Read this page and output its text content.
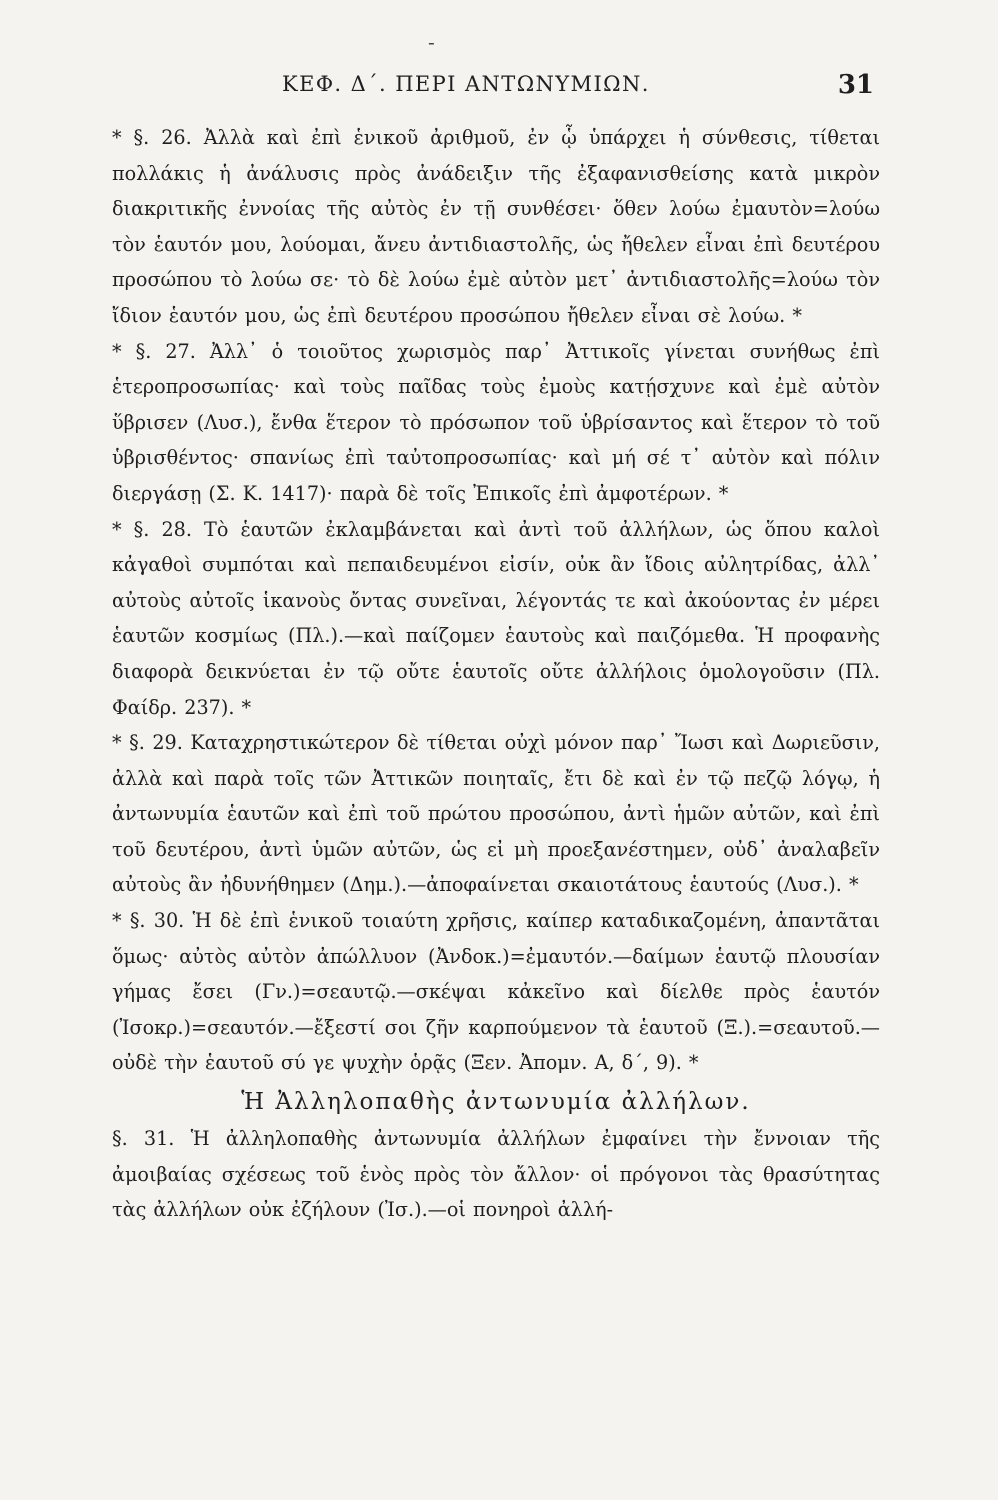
-
ΚΕΦ. Δ΄. ΠΕΡΙ ΑΝΤΩΝΥΜΙΩΝ.	31

* §. 26. Ἀλλὰ καὶ ἐπὶ ἑνικοῦ ἀριθμοῦ, ἐν ᾧ ὑπάρχει ἡ σύνθεσις, τίθεται πολλάκις ἡ ἀνάλυσις πρὸς ἀνάδειξιν τῆς ἐξαφανισθείσης κατὰ μικρὸν διακριτικῆς ἐννοίας τῆς αὐτὸς ἐν τῇ συνθέσει· ὅθεν λούω ἐμαυτὸν=λούω τὸν ἑαυτόν μου, λούομαι, ἄνευ ἀντιδιαστολῆς, ὡς ἤθελεν εἶναι ἐπὶ δευτέρου προσώπου τὸ λούω σε· τὸ δὲ λούω ἐμὲ αὐτὸν μετ᾽ ἀντιδιαστολῆς=λούω τὸν ἴδιον ἑαυτόν μου, ὡς ἐπὶ δευτέρου προσώπου ἤθελεν εἶναι σὲ λούω. *

* §. 27. Ἀλλ᾽ ὁ τοιοῦτος χωρισμὸς παρ᾽ Ἀττικοῖς γίνεται συνήθως ἐπὶ ἑτεροπροσωπίας· καὶ τοὺς παῖδας τοὺς ἐμοὺς κατῄσχυνε καὶ ἐμὲ αὐτὸν ὕβρισεν (Λυσ.), ἔνθα ἕτερον τὸ πρόσωπον τοῦ ὑβρίσαντος καὶ ἕτερον τὸ τοῦ ὑβρισθέντος· σπανίως ἐπὶ ταὐτοπροσωπίας· καὶ μή σέ τ᾽ αὐτὸν καὶ πόλιν διεργάσῃ (Σ. Κ. 1417)· παρὰ δὲ τοῖς Ἐπικοῖς ἐπὶ ἀμφοτέρων. *

* §. 28. Τὸ ἑαυτῶν ἐκλαμβάνεται καὶ ἀντὶ τοῦ ἀλλήλων, ὡς ὅπου καλοὶ κἀγαθοὶ συμπόται καὶ πεπαιδευμένοι εἰσίν, οὐκ ἂν ἴδοις αὐλητρίδας, ἀλλ᾽ αὐτοὺς αὐτοῖς ἱκανοὺς ὄντας συνεῖναι, λέγοντάς τε καὶ ἀκούοντας ἐν μέρει ἑαυτῶν κοσμίως (Πλ.).—καὶ παίζομεν ἑαυτοὺς καὶ παιζόμεθα. Ἡ προφανὴς διαφορὰ δεικνύεται ἐν τῷ οὔτε ἑαυτοῖς οὔτε ἀλλήλοις ὁμολογοῦσιν (Πλ. Φαίδρ. 237). *

* §. 29. Καταχρηστικώτερον δὲ τίθεται οὐχὶ μόνον παρ᾽ Ἴωσι καὶ Δωριεῦσιν, ἀλλὰ καὶ παρὰ τοῖς τῶν Ἀττικῶν ποιηταῖς, ἔτι δὲ καὶ ἐν τῷ πεζῷ λόγῳ, ἡ ἀντωνυμία ἑαυτῶν καὶ ἐπὶ τοῦ πρώτου προσώπου, ἀντὶ ἡμῶν αὐτῶν, καὶ ἐπὶ τοῦ δευτέρου, ἀντὶ ὑμῶν αὐτῶν, ὡς εἰ μὴ προεξανέστημεν, οὐδ᾽ ἀναλαβεῖν αὐτοὺς ἂν ἠδυνήθημεν (Δημ.).—ἀποφαίνεται σκαιοτάτους ἑαυτούς (Λυσ.). *

* §. 30. Ἡ δὲ ἐπὶ ἑνικοῦ τοιαύτη χρῆσις, καίπερ καταδικαζομένη, ἀπαντᾶται ὅμως· αὐτὸς αὐτὸν ἀπώλλυον (Ἀνδοκ.)=ἐμαυτόν.—δαίμων ἑαυτῷ πλουσίαν γήμας ἔσει (Γν.)=σεαυτῷ.—σκέψαι κἀκεῖνο καὶ δίελθε πρὸς ἑαυτόν (Ἰσοκρ.)=σεαυτόν.—ἔξεστί σοι ζῆν καρπούμενον τὰ ἑαυτοῦ (Ξ.).=σεαυτοῦ.—οὐδὲ τὴν ἑαυτοῦ σύ γε ψυχὴν ὁρᾷς (Ξεν. Ἀπομν. Α, δ΄, 9). *

Ἡ Ἀλληλοπαθὴς ἀντωνυμία ἀλλήλων.

§. 31. Ἡ ἀλληλοπαθὴς ἀντωνυμία ἀλλήλων ἐμφαίνει τὴν ἔννοιαν τῆς ἀμοιβαίας σχέσεως τοῦ ἑνὸς πρὸς τὸν ἄλλον· οἱ πρόγονοι τὰς θρασύτητας τὰς ἀλλήλων οὐκ ἐζήλουν (Ἰσ.).—οἱ πονηροὶ ἀλλή-
